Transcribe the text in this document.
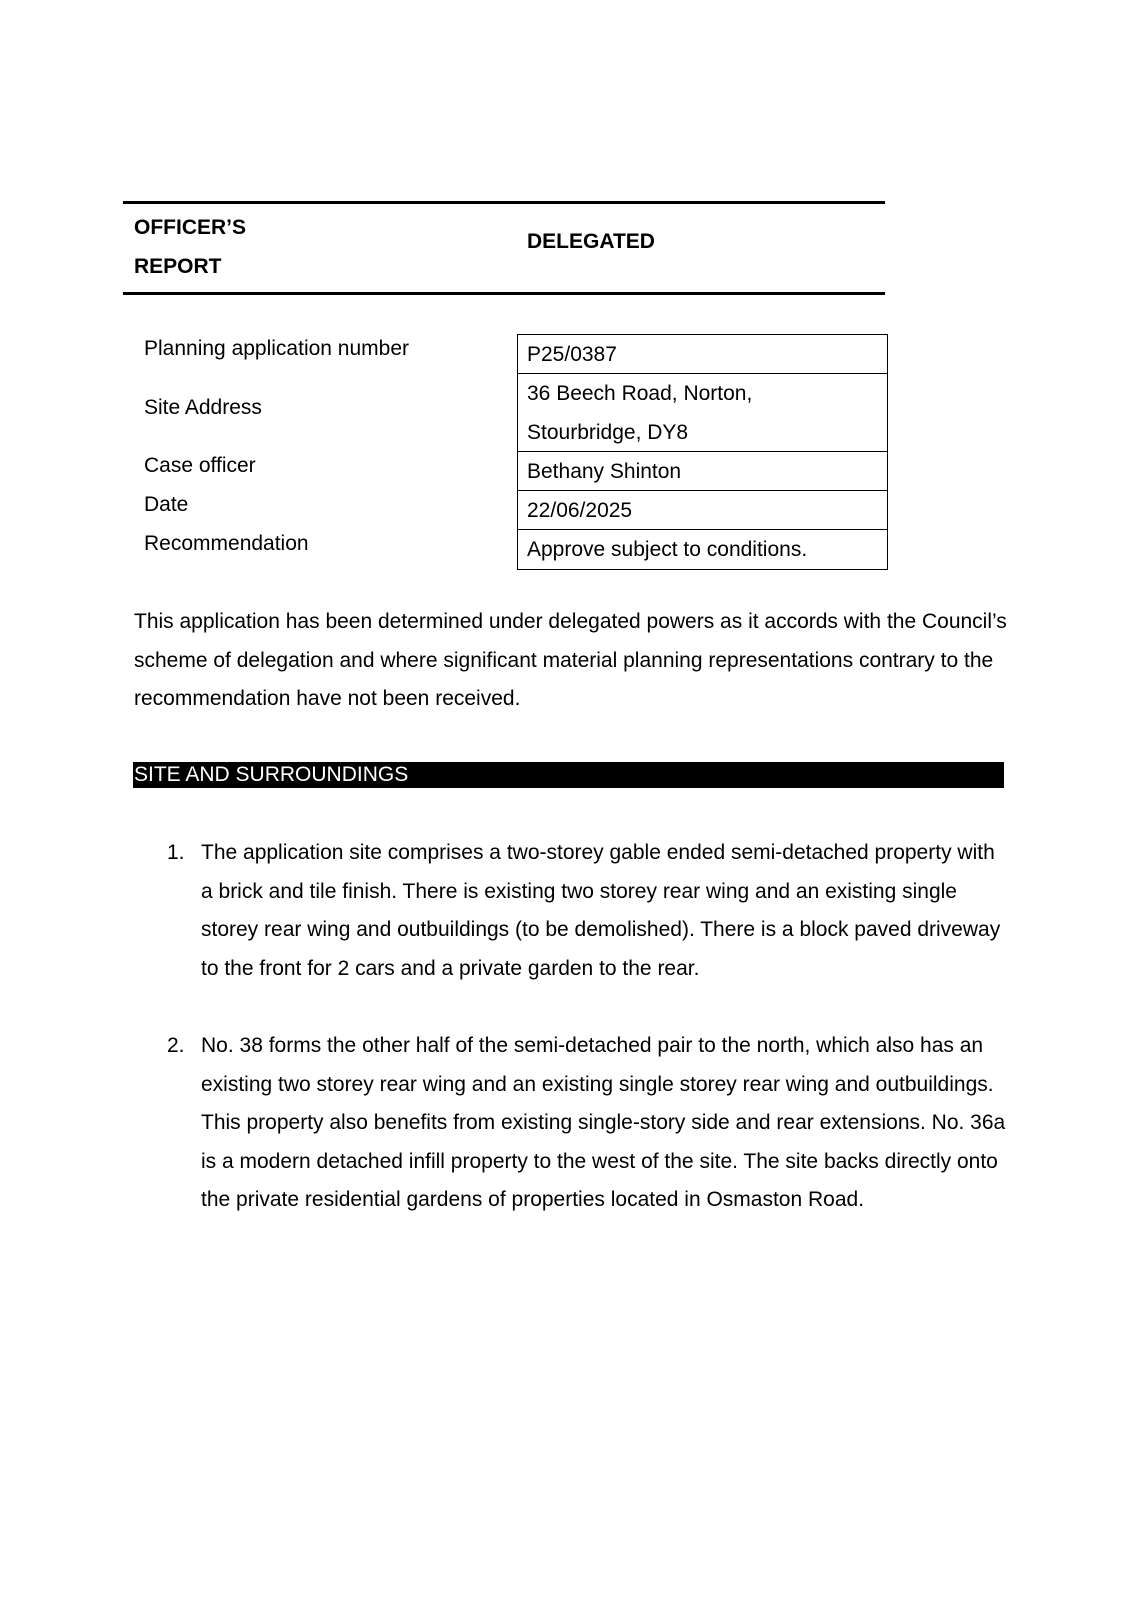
OFFICER’S
REPORT
DELEGATED
Planning application number
Site Address
Case officer
Date
Recommendation
P25/0387
36 Beech Road, Norton,
Stourbridge, DY8
Bethany Shinton
22/06/2025
Approve subject to conditions.
This application has been determined under delegated powers as it accords with the Council’s scheme of delegation and where significant material planning representations contrary to the recommendation have not been received.
SITE AND SURROUNDINGS
1. The application site comprises a two-storey gable ended semi-detached property with a brick and tile finish. There is existing two storey rear wing and an existing single storey rear wing and outbuildings (to be demolished). There is a block paved driveway to the front for 2 cars and a private garden to the rear.
2. No. 38 forms the other half of the semi-detached pair to the north, which also has an existing two storey rear wing and an existing single storey rear wing and outbuildings. This property also benefits from existing single-story side and rear extensions. No. 36a is a modern detached infill property to the west of the site. The site backs directly onto the private residential gardens of properties located in Osmaston Road.
